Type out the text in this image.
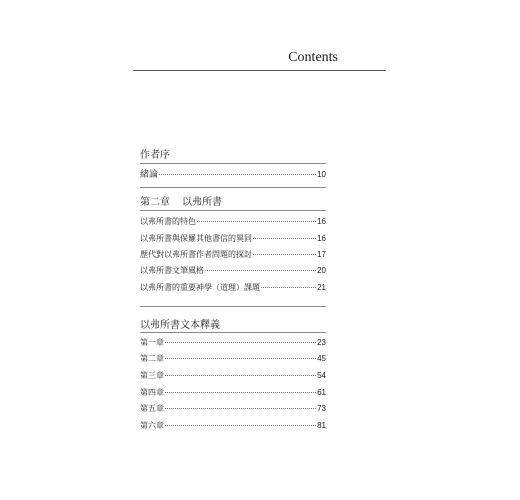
Contents
作者序
緒論	10
第二章 以弗所書
以弗所書的特色	16
以弗所書與保羅其他書信的異同	16
歷代對以弗所書作者問題的探討	17
以弗所書文筆風格	20
以弗所書的重要神學（道理）課題	21
以弗所書文本釋義
第一章	23
第二章	45
第三章	54
第四章	61
第五章	73
第六章	81
